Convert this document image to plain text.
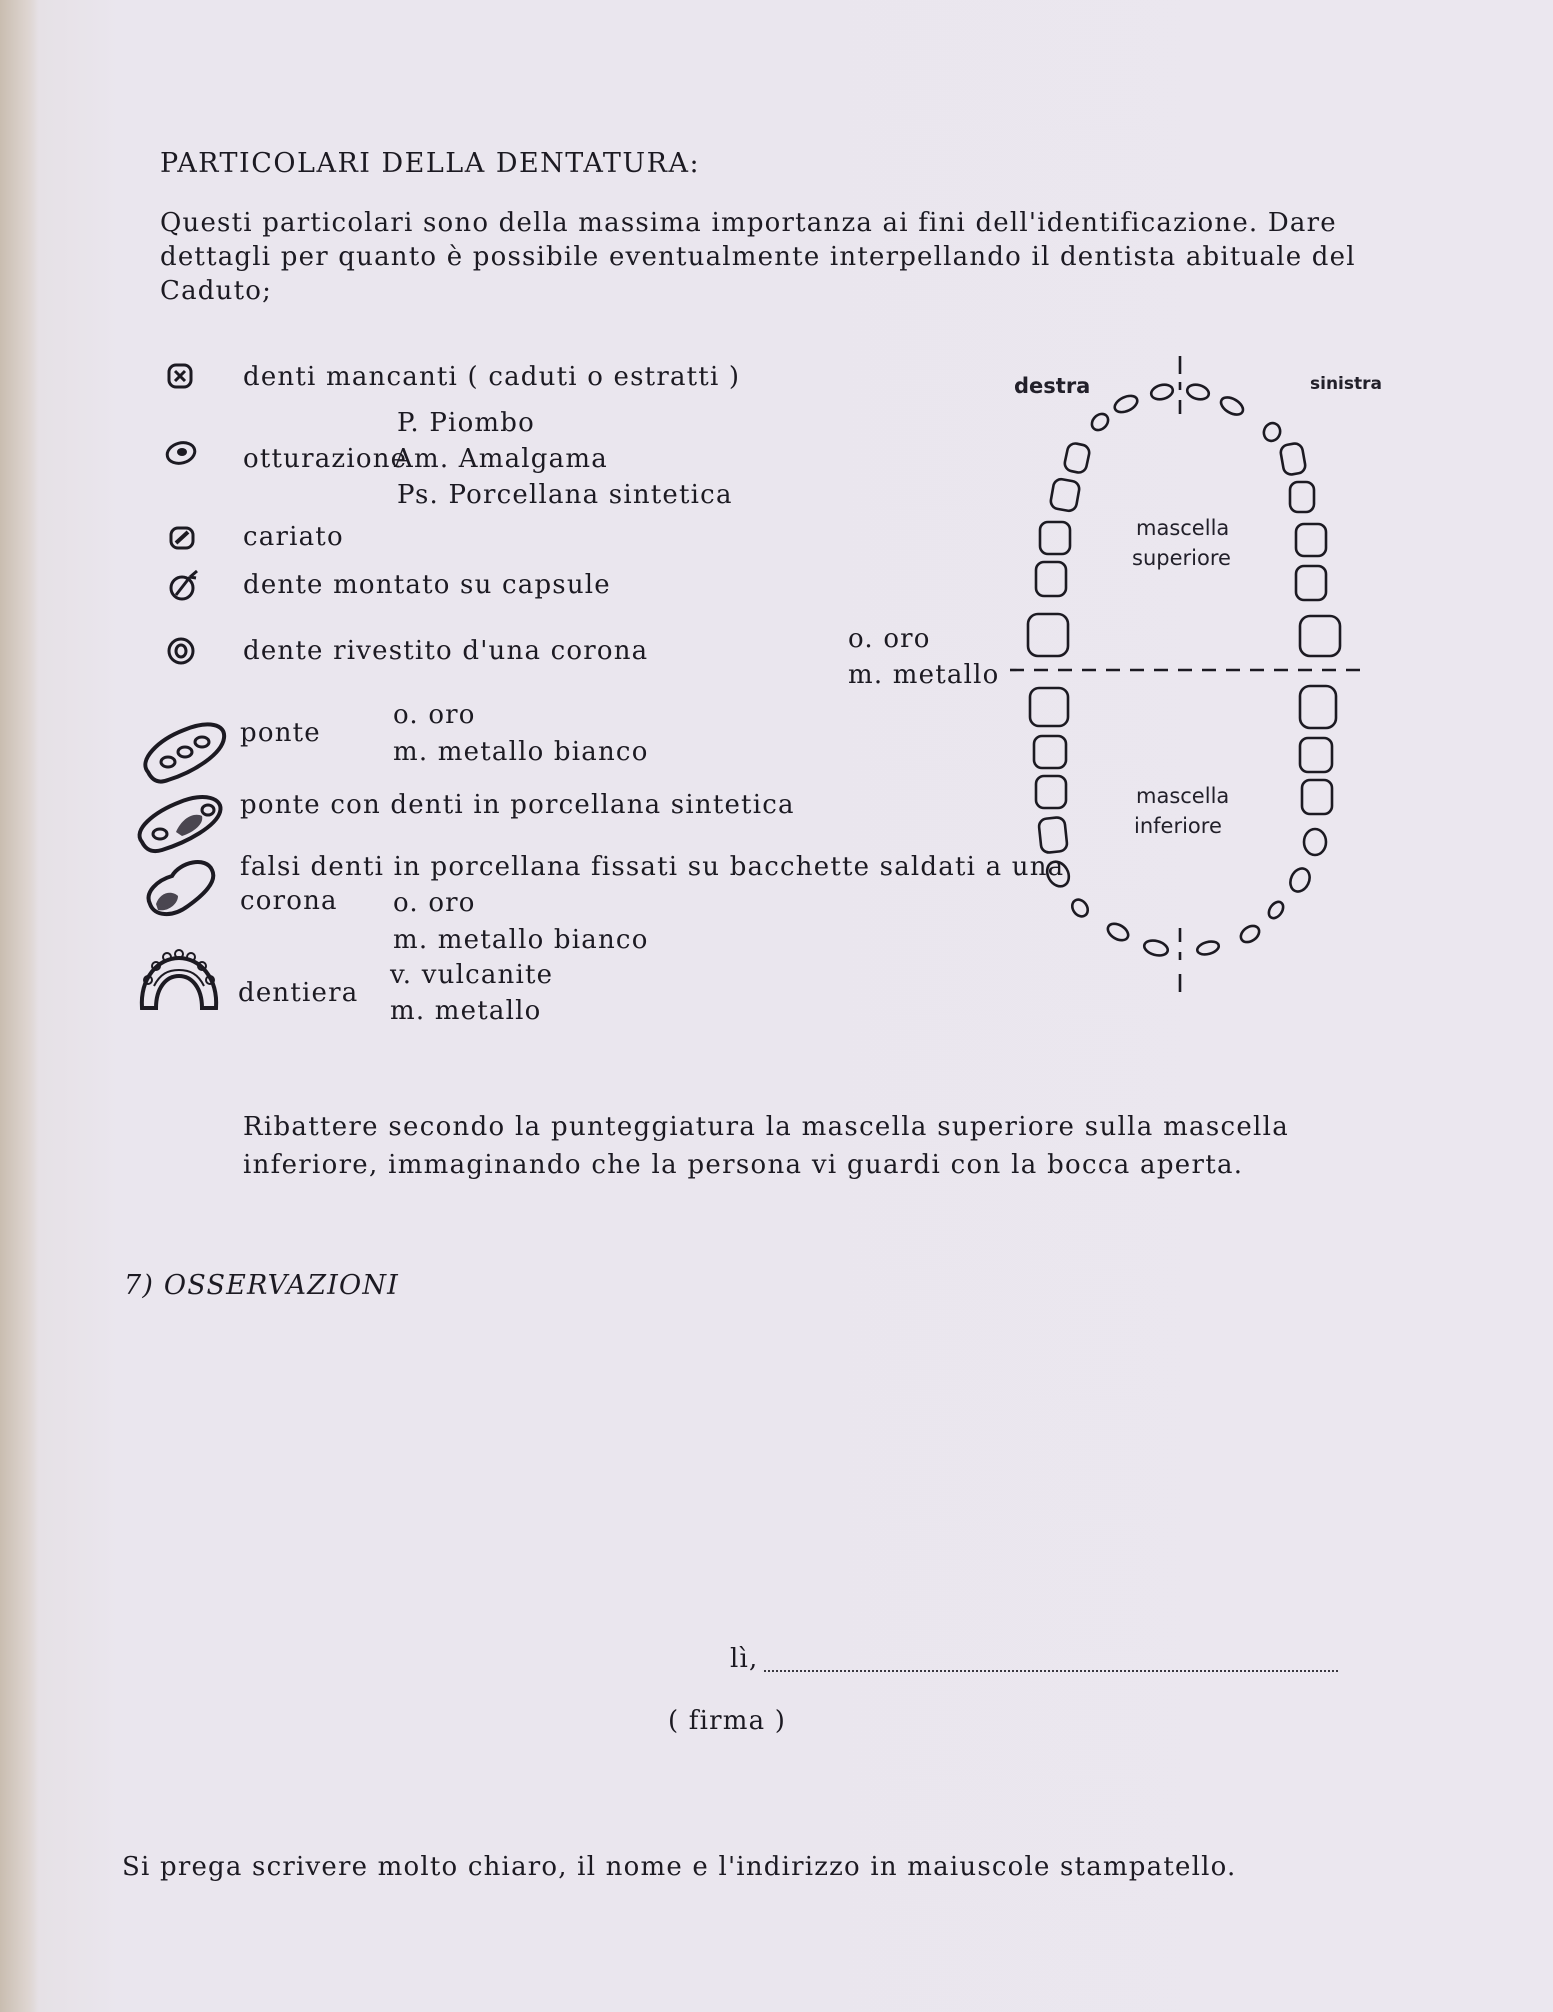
PARTICOLARI DELLA DENTATURA:
Questi particolari sono della massima importanza ai fini dell'identificazione. Dare dettagli per quanto è possibile eventualmente interpellando il dentista abituale del Caduto;
denti mancanti ( caduti o estratti )
P. Piombo
otturazione
Am. Amalgama
Ps. Porcellana sintetica
cariato
dente montato su capsule
dente rivestito d'una corona	o. oro
m. metallo
ponte
o. oro
m. metallo bianco
ponte con denti in porcellana sintetica
falsi denti in porcellana fissati su bacchette saldati a una
corona o. oro
m. metallo bianco
dentiera
v. vulcanite
m. metallo
destra	sinistra
mascella
superiore
mascella
inferiore
Ribattere secondo la punteggiatura la mascella superiore sulla mascella inferiore, immaginando che la persona vi guardi con la bocca aperta.
7) OSSERVAZIONI
lì,
( firma )
Si prega scrivere molto chiaro, il nome e l'indirizzo in maiuscole stampatello.
